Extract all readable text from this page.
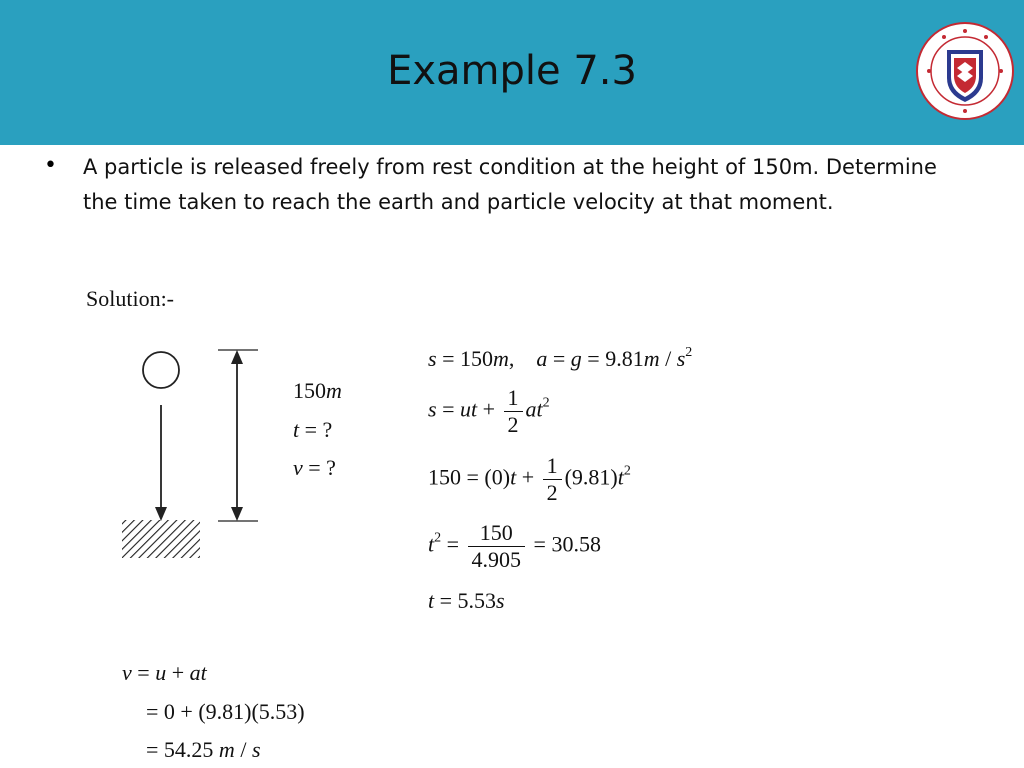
Example 7.3
• A particle is released freely from rest condition at the height of 150m. Determine the time taken to reach the earth and particle velocity at that moment.
Solution:-
150m
t = ?
v = ?
s = 150m, $a = g = 9.81m / s^2$
s = ut + $\frac{1}{2} at^2$
$150 = (0)t + \frac{1}{2} (9.81)t^2$
$t^2 = \frac{150}{4.905} = 30.58$
t = 5.53s
v = u + at
= 0 + (9.81)(5.53)
= 54.25 m / s
